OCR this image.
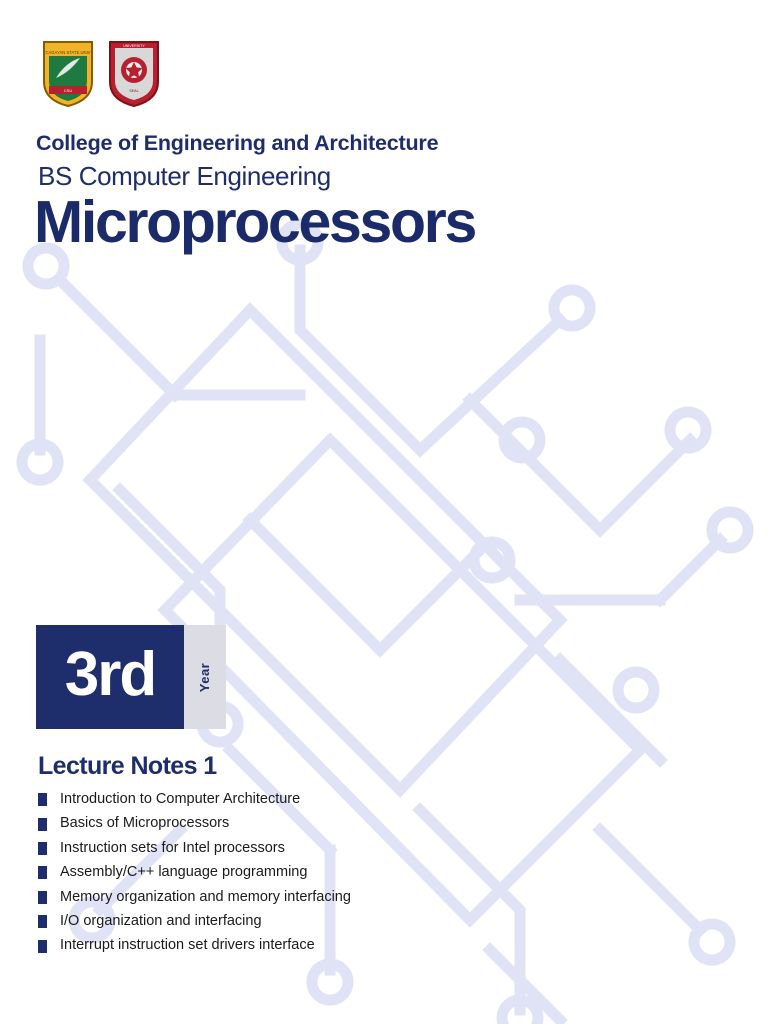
CAGAYAN STATE UNIV
CSU
UNIVERSITY
SEAL
College of Engineering and Architecture
BS Computer Engineering
Microprocessors
3rd	Year
Lecture Notes 1
Introduction to Computer Architecture
Basics of Microprocessors
Instruction sets for Intel processors
Assembly/C++ language programming
Memory organization and memory interfacing
I/O organization and interfacing
Interrupt instruction set drivers interface
